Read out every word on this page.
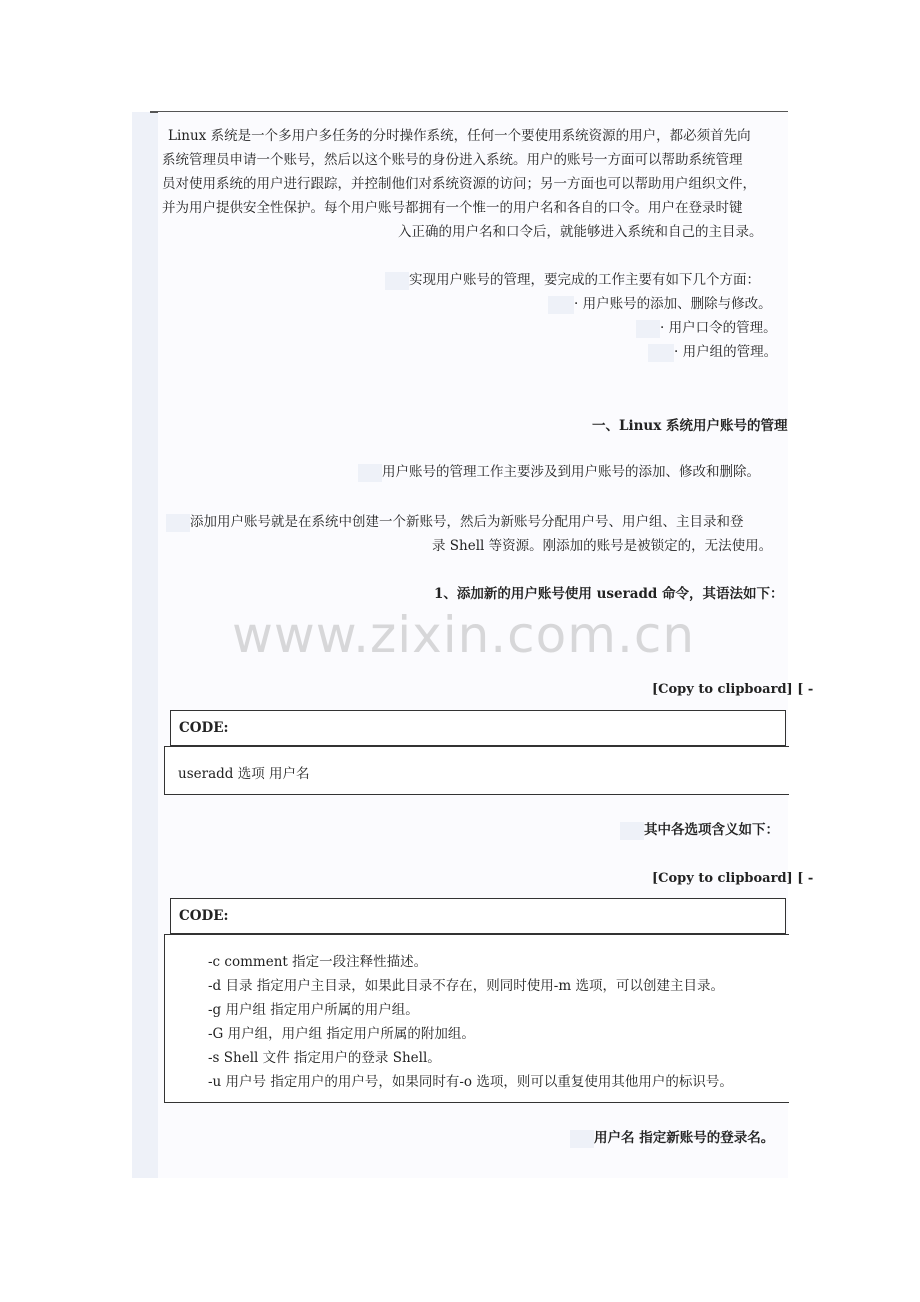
Linux 系统是一个多用户多任务的分时操作系统，任何一个要使用系统资源的用户，都必须首先向
系统管理员申请一个账号，然后以这个账号的身份进入系统。用户的账号一方面可以帮助系统管理
员对使用系统的用户进行跟踪，并控制他们对系统资源的访问；另一方面也可以帮助用户组织文件，
并为用户提供安全性保护。每个用户账号都拥有一个惟一的用户名和各自的口令。用户在登录时键
入正确的用户名和口令后，就能够进入系统和自己的主目录。
实现用户账号的管理，要完成的工作主要有如下几个方面：
· 用户账号的添加、删除与修改。
· 用户口令的管理。
· 用户组的管理。
一、Linux 系统用户账号的管理
用户账号的管理工作主要涉及到用户账号的添加、修改和删除。
添加用户账号就是在系统中创建一个新账号，然后为新账号分配用户号、用户组、主目录和登
录 Shell 等资源。刚添加的账号是被锁定的，无法使用。
1、添加新的用户账号使用 useradd 命令，其语法如下：
www.zixin.com.cn
[Copy to clipboard] [ -
CODE:
useradd 选项 用户名
其中各选项含义如下：
[Copy to clipboard] [ -
CODE:
-c comment 指定一段注释性描述。
-d 目录 指定用户主目录，如果此目录不存在，则同时使用-m 选项，可以创建主目录。
-g 用户组 指定用户所属的用户组。
-G 用户组，用户组 指定用户所属的附加组。
-s Shell 文件 指定用户的登录 Shell。
-u 用户号 指定用户的用户号，如果同时有-o 选项，则可以重复使用其他用户的标识号。
用户名 指定新账号的登录名。
